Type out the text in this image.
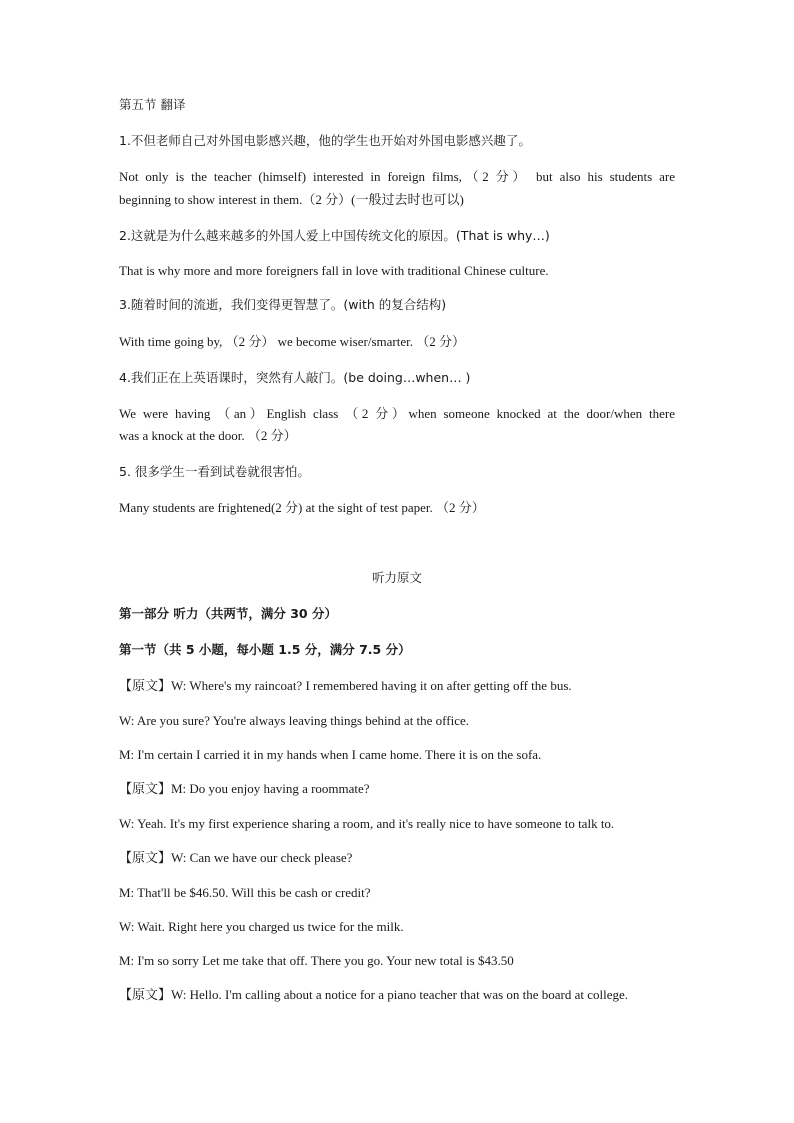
第五节 翻译
1.不但老师自己对外国电影感兴趣，他的学生也开始对外国电影感兴趣了。
Not only is the teacher (himself) interested in foreign films,（2 分） but also his students are
beginning to show interest in them.（2 分）(一般过去时也可以)
2.这就是为什么越来越多的外国人爱上中国传统文化的原因。(That is why…)
That is why more and more foreigners fall in love with traditional Chinese culture.
3.随着时间的流逝，我们变得更智慧了。(with 的复合结构)
With time going by, （2 分） we become wiser/smarter. （2 分）
4.我们正在上英语课时，突然有人敲门。(be doing…when… )
We were having （an）English class （2 分）when someone knocked at the door/when there
was a knock at the door. （2 分）
5. 很多学生一看到试卷就很害怕。
Many students are frightened(2 分) at the sight of test paper. （2 分）
听力原文
第一部分 听力（共两节，满分 30 分）
第一节（共 5 小题，每小题 1.5 分，满分 7.5 分）
【原文】W: Where's my raincoat? I remembered having it on after getting off the bus.
W: Are you sure? You're always leaving things behind at the office.
M: I'm certain I carried it in my hands when I came home. There it is on the sofa.
【原文】M: Do you enjoy having a roommate?
W: Yeah. It's my first experience sharing a room, and it's really nice to have someone to talk to.
【原文】W: Can we have our check please?
M: That'll be $46.50. Will this be cash or credit?
W: Wait. Right here you charged us twice for the milk.
M: I'm so sorry Let me take that off. There you go. Your new total is $43.50
【原文】W: Hello. I'm calling about a notice for a piano teacher that was on the board at college.
